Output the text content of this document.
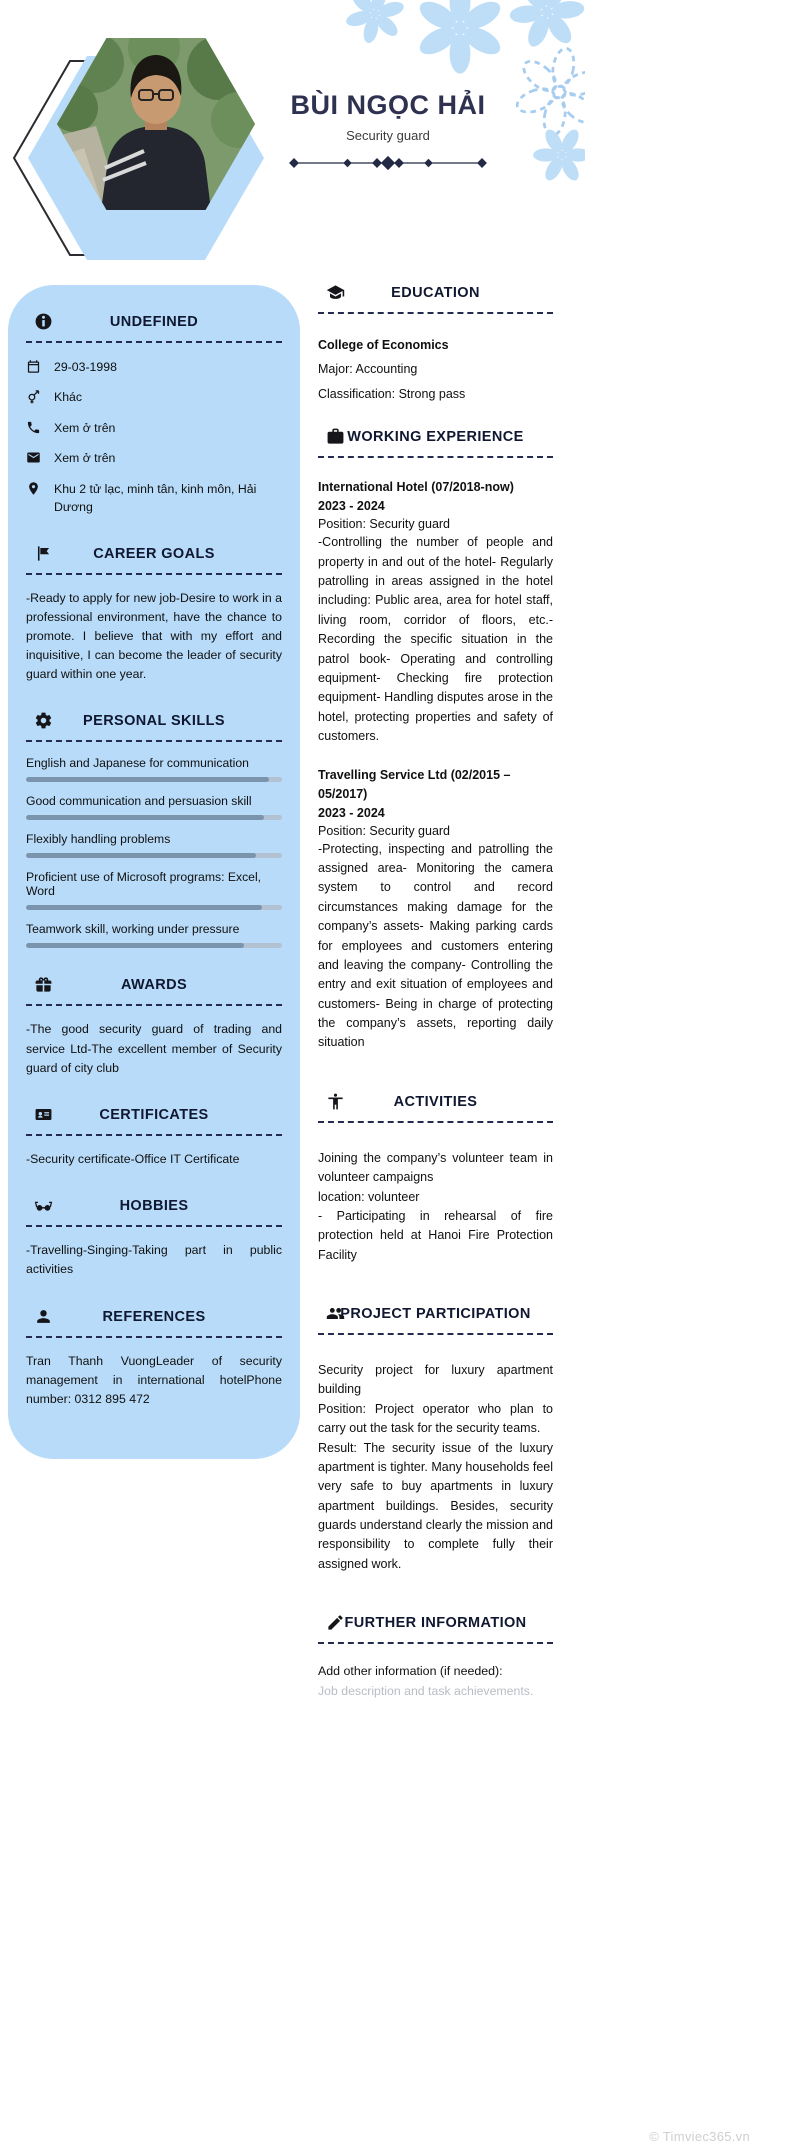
BÙI NGỌC HẢI
Security guard
UNDEFINED
29-03-1998
Khác
Xem ở trên
Xem ở trên
Khu 2 tử lạc, minh tân, kinh môn, Hải Dương
CAREER GOALS

-Ready to apply for new job-Desire to work in a professional environment, have the chance to promote. I believe that with my effort and inquisitive, I can become the leader of security guard within one year.

PERSONAL SKILLS
English and Japanese for communication
Good communication and persuasion skill
Flexibly handling problems
Proficient use of Microsoft programs: Excel, Word
Teamwork skill, working under pressure
AWARDS

-The good security guard of trading and service Ltd-The excellent member of Security guard of city club

CERTIFICATES

-Security certificate-Office IT Certificate

HOBBIES

-Travelling-Singing-Taking part in public activities

REFERENCES

Tran Thanh VuongLeader of security management in international hotelPhone number: 0312 895 472

EDUCATION

College of Economics

Major: Accounting

Classification: Strong pass

WORKING EXPERIENCE
International Hotel (07/2018-now)
2023 - 2024
Position: Security guard

-Controlling the number of people and property in and out of the hotel- Regularly patrolling in areas assigned in the hotel including: Public area, area for hotel staff, living room, corridor of floors, etc.- Recording the specific situation in the patrol book- Operating and controlling equipment- Checking fire protection equipment- Handling disputes arose in the hotel, protecting properties and safety of customers.

Travelling Service Ltd (02/2015 – 05/2017)
2023 - 2024
Position: Security guard

-Protecting, inspecting and patrolling the assigned area- Monitoring the camera system to control and record circumstances making damage for the company’s assets- Making parking cards for employees and customers entering and leaving the company- Controlling the entry and exit situation of employees and customers- Being in charge of protecting the company’s assets, reporting daily situation

ACTIVITIES

Joining the company’s volunteer team in volunteer campaigns

location: volunteer

- Participating in rehearsal of fire protection held at Hanoi Fire Protection Facility

PROJECT PARTICIPATION

Security project for luxury apartment building

Position: Project operator who plan to carry out the task for the security teams.

Result: The security issue of the luxury apartment is tighter. Many households feel very safe to buy apartments in luxury apartment buildings. Besides, security guards understand clearly the mission and responsibility to complete fully their assigned work.

FURTHER INFORMATION
Add other information (if needed):
Job description and task achievements.
© Timviec365.vn
